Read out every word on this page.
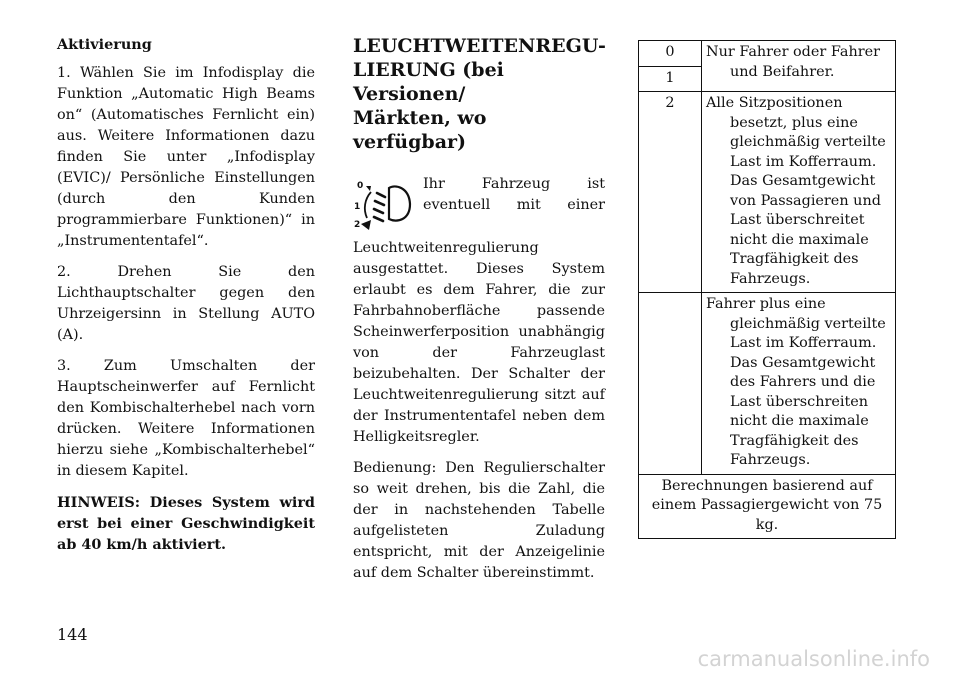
Aktivierung

1. Wählen Sie im Infodisplay die Funktion „Automatic High Beams on“ (Automatisches Fernlicht ein) aus. Weitere Informationen dazu finden Sie unter „Infodisplay (EVIC)/ Persönliche Einstellungen (durch den Kunden programmierbare Funktionen)“ in „Instrumententafel“.

2. Drehen Sie den Lichthauptschalter gegen den Uhrzeigersinn in Stellung AUTO (A).

3. Zum Umschalten der Hauptscheinwerfer auf Fernlicht den Kombischalterhebel nach vorn drücken. Weitere Informationen hierzu siehe „Kombischalterhebel“ in diesem Kapitel.

HINWEIS: Dieses System wird erst bei einer Geschwindigkeit ab 40 km/h aktiviert.

LEUCHTWEITENREGU-
LIERUNG (bei Versionen/
Märkten, wo verfügbar)
0
1
2

Ihr Fahrzeug ist eventuell mit einer Leuchtweitenregulierung ausgestattet. Dieses System erlaubt es dem Fahrer, die zur Fahrbahnoberfläche passende Scheinwerferposition unabhängig von der Fahrzeuglast beizubehalten. Der Schalter der Leuchtweitenregulierung sitzt auf der Instrumententafel neben dem Helligkeitsregler.

Bedienung: Den Regulierschalter so weit drehen, bis die Zahl, die der in nachstehenden Tabelle aufgelisteten Zuladung entspricht, mit der Anzeigelinie auf dem Schalter übereinstimmt.

0	Nur Fahrer oder Fahrer und Beifahrer.
1	
2	Alle Sitzpositionen besetzt, plus eine gleichmäßig verteilte Last im Kofferraum. Das Gesamtgewicht von Passagieren und Last überschreitet nicht die maximale Tragfähigkeit des Fahrzeugs.
	Fahrer plus eine gleichmäßig verteilte Last im Kofferraum. Das Gesamtgewicht des Fahrers und die Last überschreiten nicht die maximale Tragfähigkeit des Fahrzeugs.
Berechnungen basierend auf einem Passagiergewicht von 75 kg.	
144
carmanualsonline.info
